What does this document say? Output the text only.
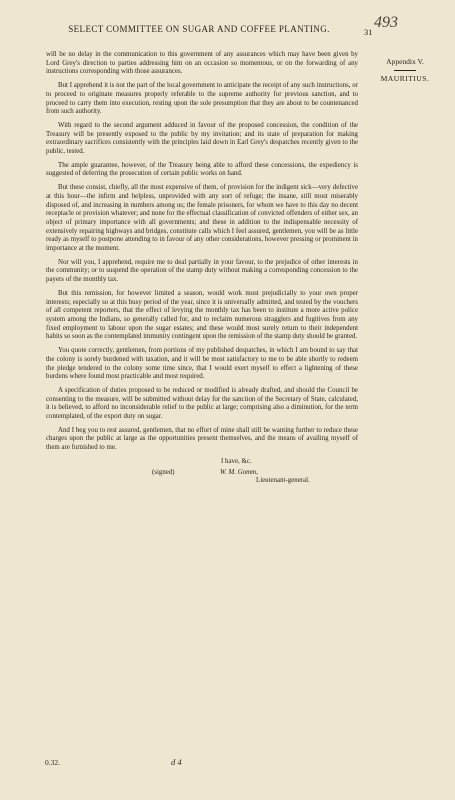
SELECT COMMITTEE ON SUGAR AND COFFEE PLANTING.	31
493
Appendix V.
MAURITIUS.

will be no delay in the communication to this government of any assurances which may have been given by Lord Grey's direction to parties addressing him on an occasion so momentous, or on the forwarding of any instructions corresponding with those assurances.

But I apprehend it is not the part of the local government to anticipate the receipt of any such instructions, or to proceed to originate measures properly referable to the supreme authority for previous sanction, and to proceed to carry them into execution, resting upon the sole presumption that they are about to be countenanced from such authority.

With regard to the second argument adduced in favour of the proposed concession, the condition of the Treasury will be presently exposed to the public by my invitation; and its state of preparation for making extraordinary sacrifices consistently with the principles laid down in Earl Grey's despatches recently given to the public, tested.

The ample guarantee, however, of the Treasury being able to afford these concessions, the expediency is suggested of deferring the prosecution of certain public works on hand.

But these consist, chiefly, all the most expensive of them, of provision for the indigent sick—very defective at this hour—the infirm and helpless, unprovided with any sort of refuge; the insane, still most miserably disposed of, and increasing in numbers among us; the female prisoners, for whom we have to this day no decent receptacle or provision whatever; and none for the effectual classification of convicted offenders of either sex, an object of primary importance with all governments; and these in addition to the indispensable necessity of extensively repairing highways and bridges, constitute calls which I feel assured, gentlemen, you will be as little ready as myself to postpone attending to in favour of any other considerations, however pressing or prominent in importance at the moment.

Nor will you, I apprehend, require me to deal partially in your favour, to the prejudice of other interests in the community; or to suspend the operation of the stamp duty without making a corresponding concession to the payers of the monthly tax.

But this remission, for however limited a season, would work most prejudicially to your own proper interests; especially so at this busy period of the year, since it is universally admitted, and tested by the vouchers of all competent reporters, that the effect of levying the monthly tax has been to institute a more active police system among the Indians, so generally called for, and to reclaim numerous stragglers and fugitives from any fixed employment to labour upon the sugar estates; and these would most surely return to their independent habits so soon as the contemplated immunity contingent upon the remission of the stamp duty should be granted.

You quote correctly, gentlemen, from portions of my published despatches, in which I am bound to say that the colony is sorely burdened with taxation, and it will be most satisfactory to me to be able shortly to redeem the pledge tendered to the colony some time since, that I would exert myself to effect a lightening of these burdens where found most practicable and most required.

A specification of duties proposed to be reduced or modified is already drafted, and should the Council be consenting to the measure, will be submitted without delay for the sanction of the Secretary of State, calculated, it is believed, to afford no inconsiderable relief to the public at large; comprising also a diminution, for the term contemplated, of the export duty on sugar.

And I beg you to rest assured, gentlemen, that no effort of mine shall still be wanting further to reduce these charges upon the public at large as the opportunities present themselves, and the means of availing myself of them are furnished to me.

I have, &c.
(signed)	W. M. Gomm,
Lieutenant-general.
0.32.	d 4
